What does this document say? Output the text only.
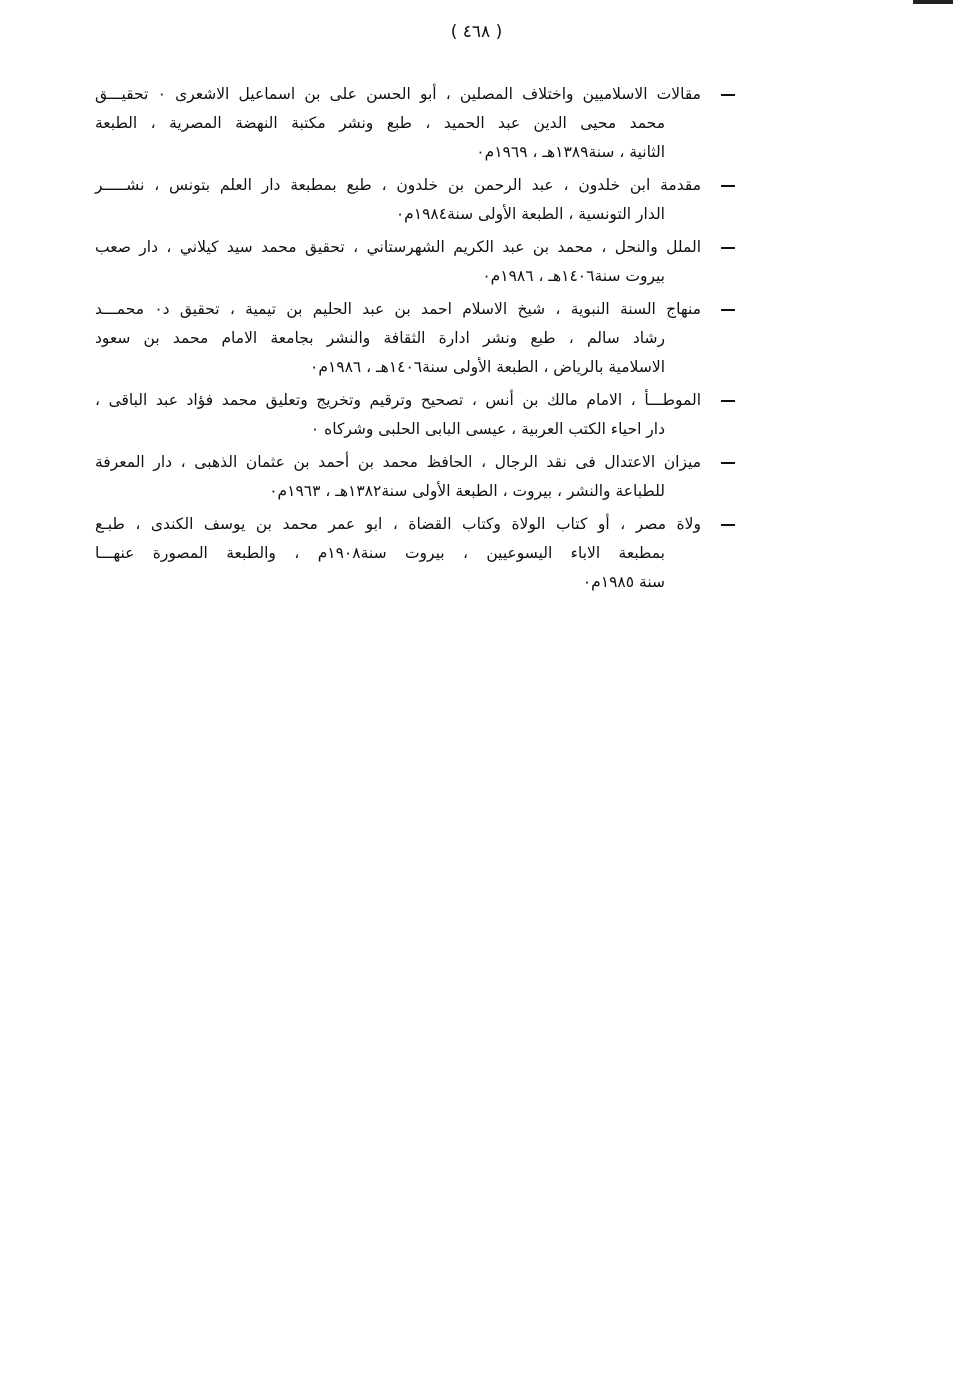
( ٤٦٨ )
مقالات الاسلاميين واختلاف المصلين ، أبو الحسن على بن اسماعيل الاشعرى ٠ تحقيـــق
محمد محيى الدين عبد الحميد ، طبع ونشر مكتبة النهضة المصرية ، الطبعة
الثانية ، سنة١٣٨٩هـ ، ١٩٦٩م٠
مقدمة ابن خلدون ، عبد الرحمن بن خلدون ، طبع بمطبعة دار العلم بتونس ، نشـــــر
الدار التونسية ، الطبعة الأولى سنة١٩٨٤م٠
الملل والنحل ، محمد بن عبد الكريم الشهرستاني ، تحقيق محمد سيد كيلاني ، دار صعب
بيروت سنة١٤٠٦هـ ، ١٩٨٦م٠
منهاج السنة النبوية ، شيخ الاسلام احمد بن عبد الحليم بن تيمية ، تحقيق د٠ محمـــد
رشاد سالم ، طبع ونشر ادارة الثقافة والنشر بجامعة الامام محمد بن سعود
الاسلامية بالرياض ، الطبعة الأولى سنة١٤٠٦هـ ، ١٩٨٦م٠
الموطـــأ ، الامام مالك بن أنس ، تصحيح وترقيم وتخريج وتعليق محمد فؤاد عبد الباقى ،
دار احياء الكتب العربية ، عيسى البابى الحلبى وشركاه ٠
ميزان الاعتدال فى نقد الرجال ، الحافظ محمد بن أحمد بن عثمان الذهبى ، دار المعرفة
للطباعة والنشر ، بيروت ، الطبعة الأولى سنة١٣٨٢هـ ، ١٩٦٣م٠
ولاة مصر ، أو كتاب الولاة وكتاب القضاة ، ابو عمر محمد بن يوسف الكندى ، طبـع
بمطبعة الاباء اليسوعيين ، بيروت سنة١٩٠٨م ، والطبعة المصورة عنهـــا
سنة ١٩٨٥م٠
